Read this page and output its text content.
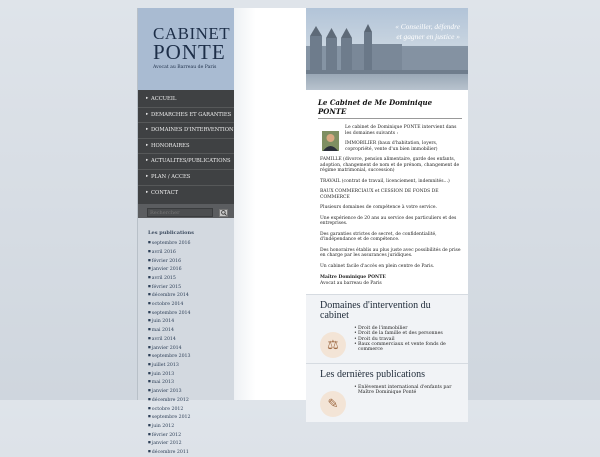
CABINET
PONTE
Avocat au Barreau de Paris
▸ ACCUEIL
▸ DEMARCHES ET GARANTIES
▸ DOMAINES D'INTERVENTION
▸ HONORAIRES
▸ ACTUALITES/PUBLICATIONS
▸ PLAN / ACCES
▸ CONTACT
Rechercher
Les publications
■ septembre 2016
■ avril 2016
■ février 2016
■ janvier 2016
■ avril 2015
■ février 2015
■ décembre 2014
■ octobre 2014
■ septembre 2014
■ juin 2014
■ mai 2014
■ avril 2014
■ janvier 2014
■ septembre 2013
■ juillet 2013
■ juin 2013
■ mai 2013
■ janvier 2013
■ décembre 2012
■ octobre 2012
■ septembre 2012
■ juin 2012
■ février 2012
■ janvier 2012
■ décembre 2011
« Conseiller, défendre
et gagner en justice »
Le Cabinet de Me Dominique PONTE

Le cabinet de Dominique PONTE intervient dans les domaines suivants :

IMMOBILIER (baux d'habitation, loyers, copropriété, vente d'un bien immobilier)

FAMILLE (divorce, pension alimentaire, garde des enfants, adoption, changement de nom et de prénom, changement de régime matrimonial, succession)

TRAVAIL (contrat de travail, licenciement, indemnités…)

BAUX COMMERCIAUX et CESSION DE FONDS DE COMMERCE

Plusieurs domaines de compétence à votre service.

Une expérience de 20 ans au service des particuliers et des entreprises.

Des garanties strictes de secret, de confidentialité, d'indépendance et de compétence.

Des honoraires établis au plus juste avec possibilités de prise en charge par les assurances juridiques.

Un cabinet facile d'accès en plein centre de Paris.

Maître Dominique PONTE
Avocat au barreau de Paris

Domaines d'intervention du cabinet
⚖
• Droit de l'immobilier
• Droit de la famille et des personnes
• Droit du travail
• Baux commerciaux et vente fonds de commerce
Les dernières publications
✎
• Enlèvement international d'enfants par Maître Dominique Ponté
